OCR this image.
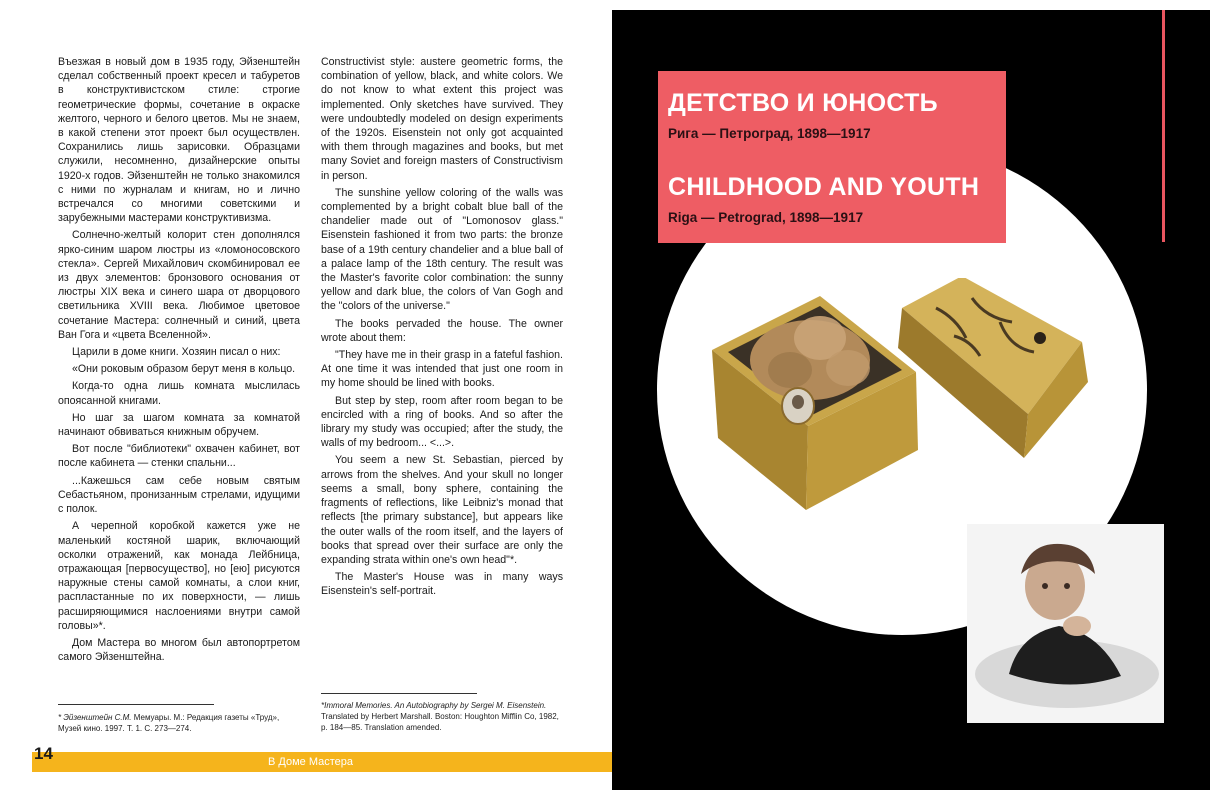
Въезжая в новый дом в 1935 году, Эйзенштейн сделал собственный проект кресел и табуретов в конструктивистском стиле: строгие геометрические формы, сочетание в окраске желтого, черного и белого цветов. Мы не знаем, в какой степени этот проект был осуществлен. Сохранились лишь зарисовки. Образцами служили, несомненно, дизайнерские опыты 1920-х годов. Эйзенштейн не только знакомился с ними по журналам и книгам, но и лично встречался со многими советскими и зарубежными мастерами конструктивизма.

Солнечно-желтый колорит стен дополнялся ярко-синим шаром люстры из «ломоносовского стекла». Сергей Михайлович скомбинировал ее из двух элементов: бронзового основания от люстры XIX века и синего шара от дворцового светильника XVIII века. Любимое цветовое сочетание Мастера: солнечный и синий, цвета Ван Гога и «цвета Вселенной».

Царили в доме книги. Хозяин писал о них:

«Они роковым образом берут меня в кольцо.

Когда-то одна лишь комната мыслилась опоясанной книгами.

Но шаг за шагом комната за комнатой начинают обвиваться книжным обручем.

Вот после "библиотеки" охвачен кабинет, вот после кабинета — стенки спальни...

...Кажешься сам себе новым святым Себастьяном, пронизанным стрелами, идущими с полок.

А черепной коробкой кажется уже не маленький костяной шарик, включающий осколки отражений, как монада Лейбница, отражающая [первосущество], но [ею] рисуются наружные стены самой комнаты, а слои книг, распластанные по их поверхности, — лишь расширяющимися наслоениями внутри самой головы»*.

Дом Мастера во многом был автопортретом самого Эйзенштейна.

Constructivist style: austere geometric forms, the combination of yellow, black, and white colors. We do not know to what extent this project was implemented. Only sketches have survived. They were undoubtedly modeled on design experiments of the 1920s. Eisenstein not only got acquainted with them through magazines and books, but met many Soviet and foreign masters of Constructivism in person.

The sunshine yellow coloring of the walls was complemented by a bright cobalt blue ball of the chandelier made out of "Lomonosov glass." Eisenstein fashioned it from two parts: the bronze base of a 19th century chandelier and a blue ball of a palace lamp of the 18th century. The result was the Master's favorite color combination: the sunny yellow and dark blue, the colors of Van Gogh and the "colors of the universe."

The books pervaded the house. The owner wrote about them:

"They have me in their grasp in a fateful fashion. At one time it was intended that just one room in my home should be lined with books.

But step by step, room after room began to be encircled with a ring of books. And so after the library my study was occupied; after the study, the walls of my bedroom... <...>.

You seem a new St. Sebastian, pierced by arrows from the shelves. And your skull no longer seems a small, bony sphere, containing the fragments of reflections, like Leibniz's monad that reflects [the primary substance], but appears like the outer walls of the room itself, and the layers of books that spread over their surface are only the expanding strata within one's own head"*.

The Master's House was in many ways Eisenstein's self-portrait.

* Эйзенштейн С.М. Мемуары. М.: Редакция газеты «Труд», Музей кино. 1997. Т. 1. С. 273—274.
*Immoral Memories. An Autobiography by Sergei M. Eisenstein. Translated by Herbert Marshall. Boston: Houghton Mifflin Co, 1982, p. 184—85. Translation amended.
14	В Доме Мастера
ДЕТСТВО И ЮНОСТЬ
Рига — Петроград, 1898—1917
CHILDHOOD AND YOUTH
Riga — Petrograd, 1898—1917
